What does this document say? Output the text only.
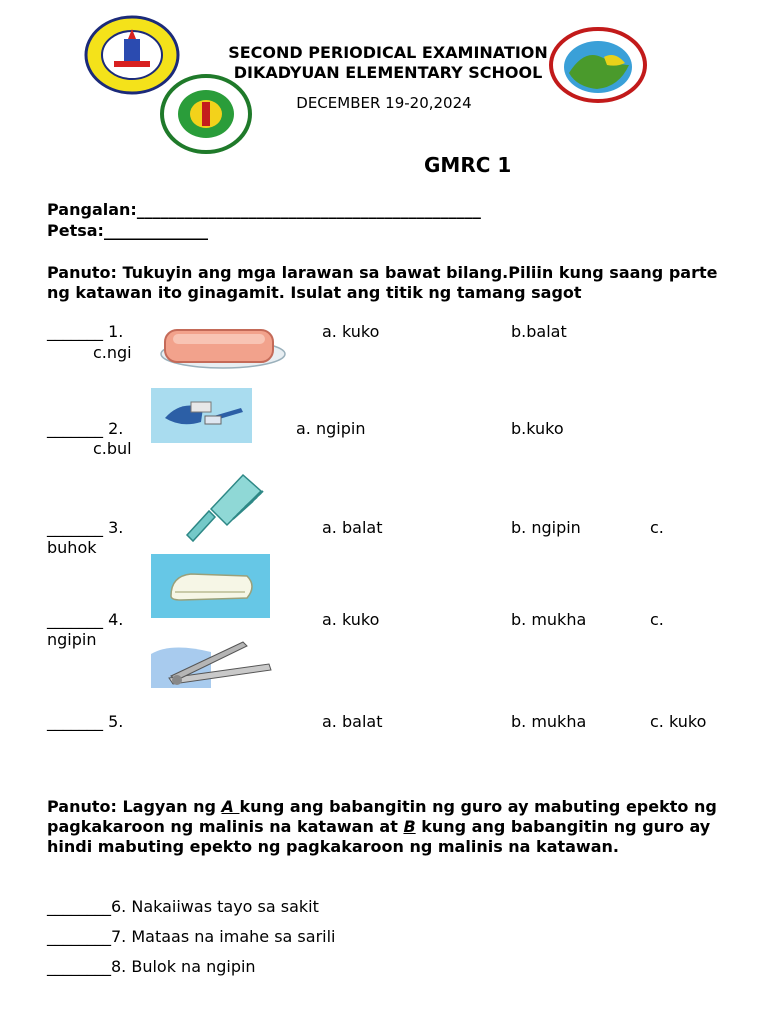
SECOND PERIODICAL EXAMINATION
DIKADYUAN ELEMENTARY SCHOOL
DECEMBER 19-20,2024
GMRC 1
Pangalan:___________________________________________
Petsa:_____________
Panuto: Tukuyin ang mga larawan sa bawat bilang.Piliin kung saang parte ng katawan ito ginagamit. Isulat ang titik ng tamang sagot
_______ 1.	a. kuko	b.balat
c.ngi
_______ 2.	a. ngipin	b.kuko
c.bul
_______ 3.	a. balat	b. ngipin	c.
buhok
_______ 4.	a. kuko	b. mukha	c.
ngipin
_______ 5.	a. balat	b. mukha	c. kuko
Panuto: Lagyan ng A kung ang babangitin ng guro ay mabuting epekto ng pagkakaroon ng malinis na katawan at B kung ang babangitin ng guro ay hindi mabuting epekto ng pagkakaroon ng malinis na katawan.
________6. Nakaiiwas tayo sa sakit
________7. Mataas na imahe sa sarili
________8. Bulok na ngipin
